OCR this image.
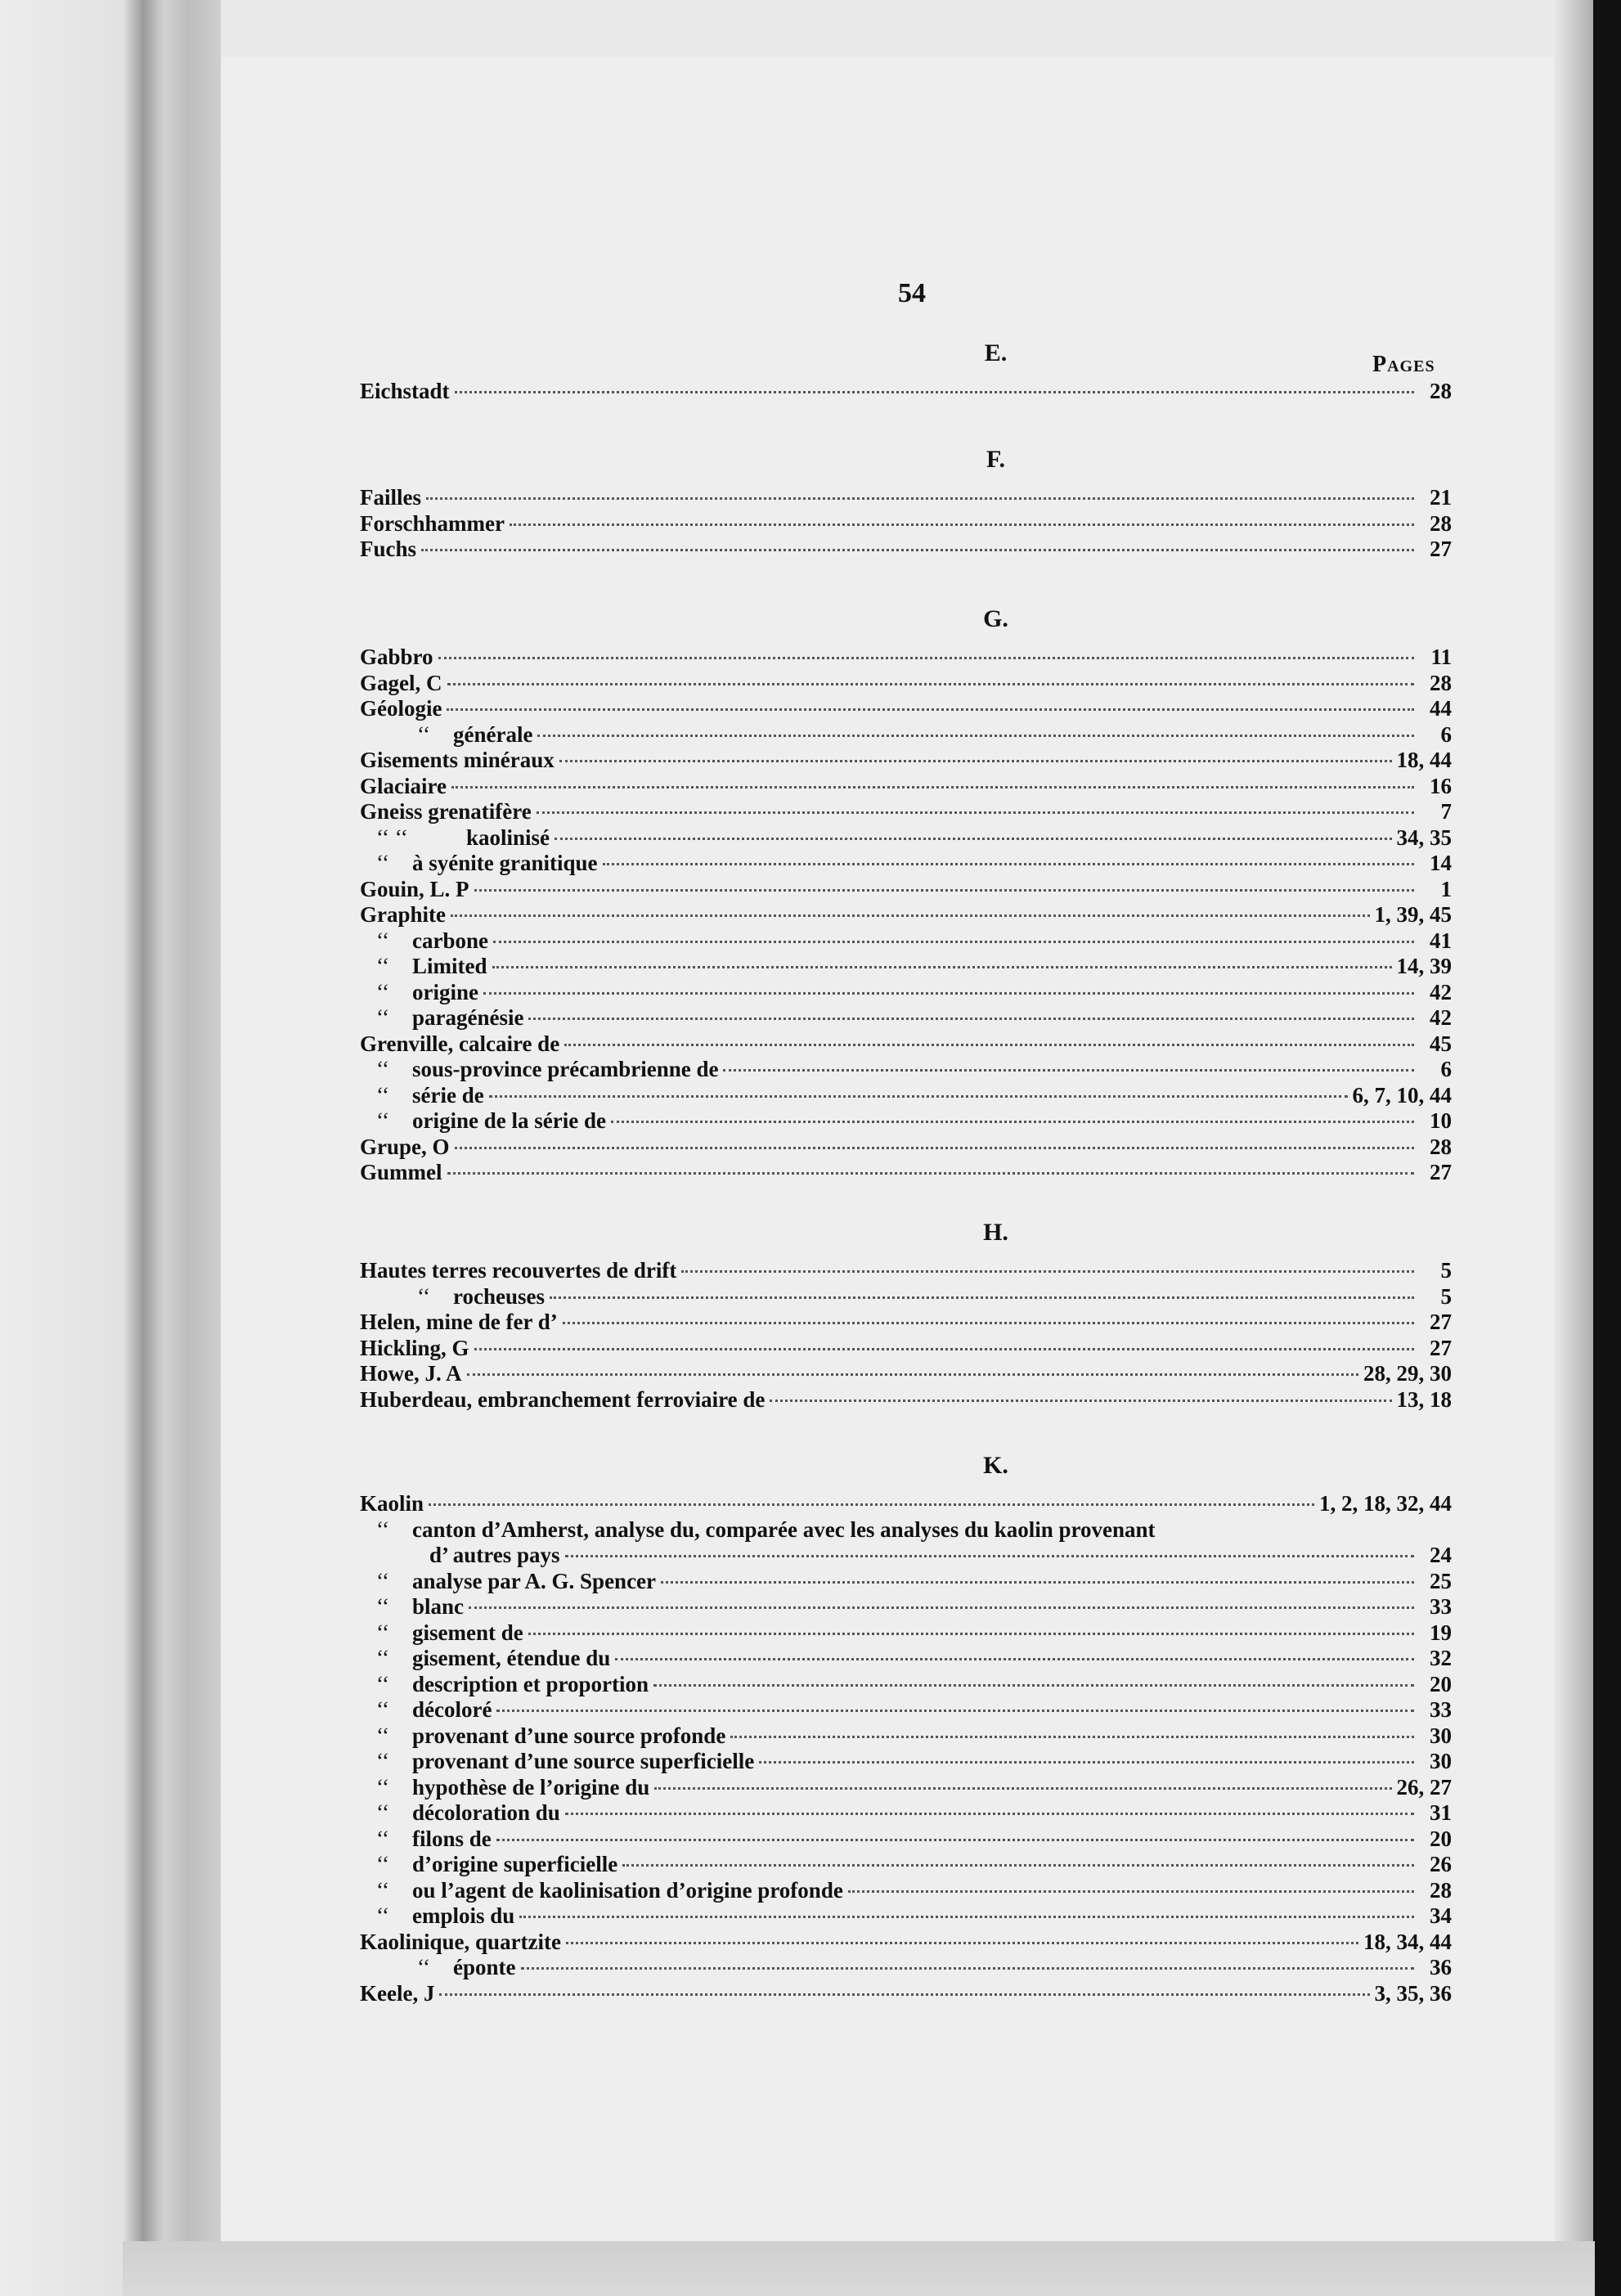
54
Pages
E.
Eichstadt	28
F.
Failles	21
Forschhammer	28
Fuchs	27
G.
Gabbro	11
Gagel, C	28
Géologie	44
‘‘ générale	6
Gisements minéraux	18, 44
Glaciaire	16
Gneiss grenatifère	7
‘‘ ‘‘	kaolinisé	34, 35
‘‘ à syénite granitique	14
Gouin, L. P	1
Graphite	1, 39, 45
‘‘ carbone	41
‘‘ Limited	14, 39
‘‘ origine	42
‘‘ paragénésie	42
Grenville, calcaire de	45
‘‘ sous-province précambrienne de	6
‘‘ série de	6, 7, 10, 44
‘‘ origine de la série de	10
Grupe, O	28
Gummel	27
H.
Hautes terres recouvertes de drift	5
‘‘ rocheuses	5
Helen, mine de fer d’	27
Hickling, G	27
Howe, J. A	28, 29, 30
Huberdeau, embranchement ferroviaire de	13, 18
K.
Kaolin	1, 2, 18, 32, 44
‘‘ canton d’Amherst, analyse du, comparée avec les analyses du kaolin provenant
d’ autres pays	24
‘‘ analyse par A. G. Spencer	25
‘‘ blanc	33
‘‘ gisement de	19
‘‘ gisement, étendue du	32
‘‘ description et proportion	20
‘‘ décoloré	33
‘‘ provenant d’une source profonde	30
‘‘ provenant d’une source superficielle	30
‘‘ hypothèse de l’origine du	26, 27
‘‘ décoloration du	31
‘‘ filons de	20
‘‘ d’origine superficielle	26
‘‘ ou l’agent de kaolinisation d’origine profonde	28
‘‘ emplois du	34
Kaolinique, quartzite	18, 34, 44
‘‘ éponte	36
Keele, J	3, 35, 36
